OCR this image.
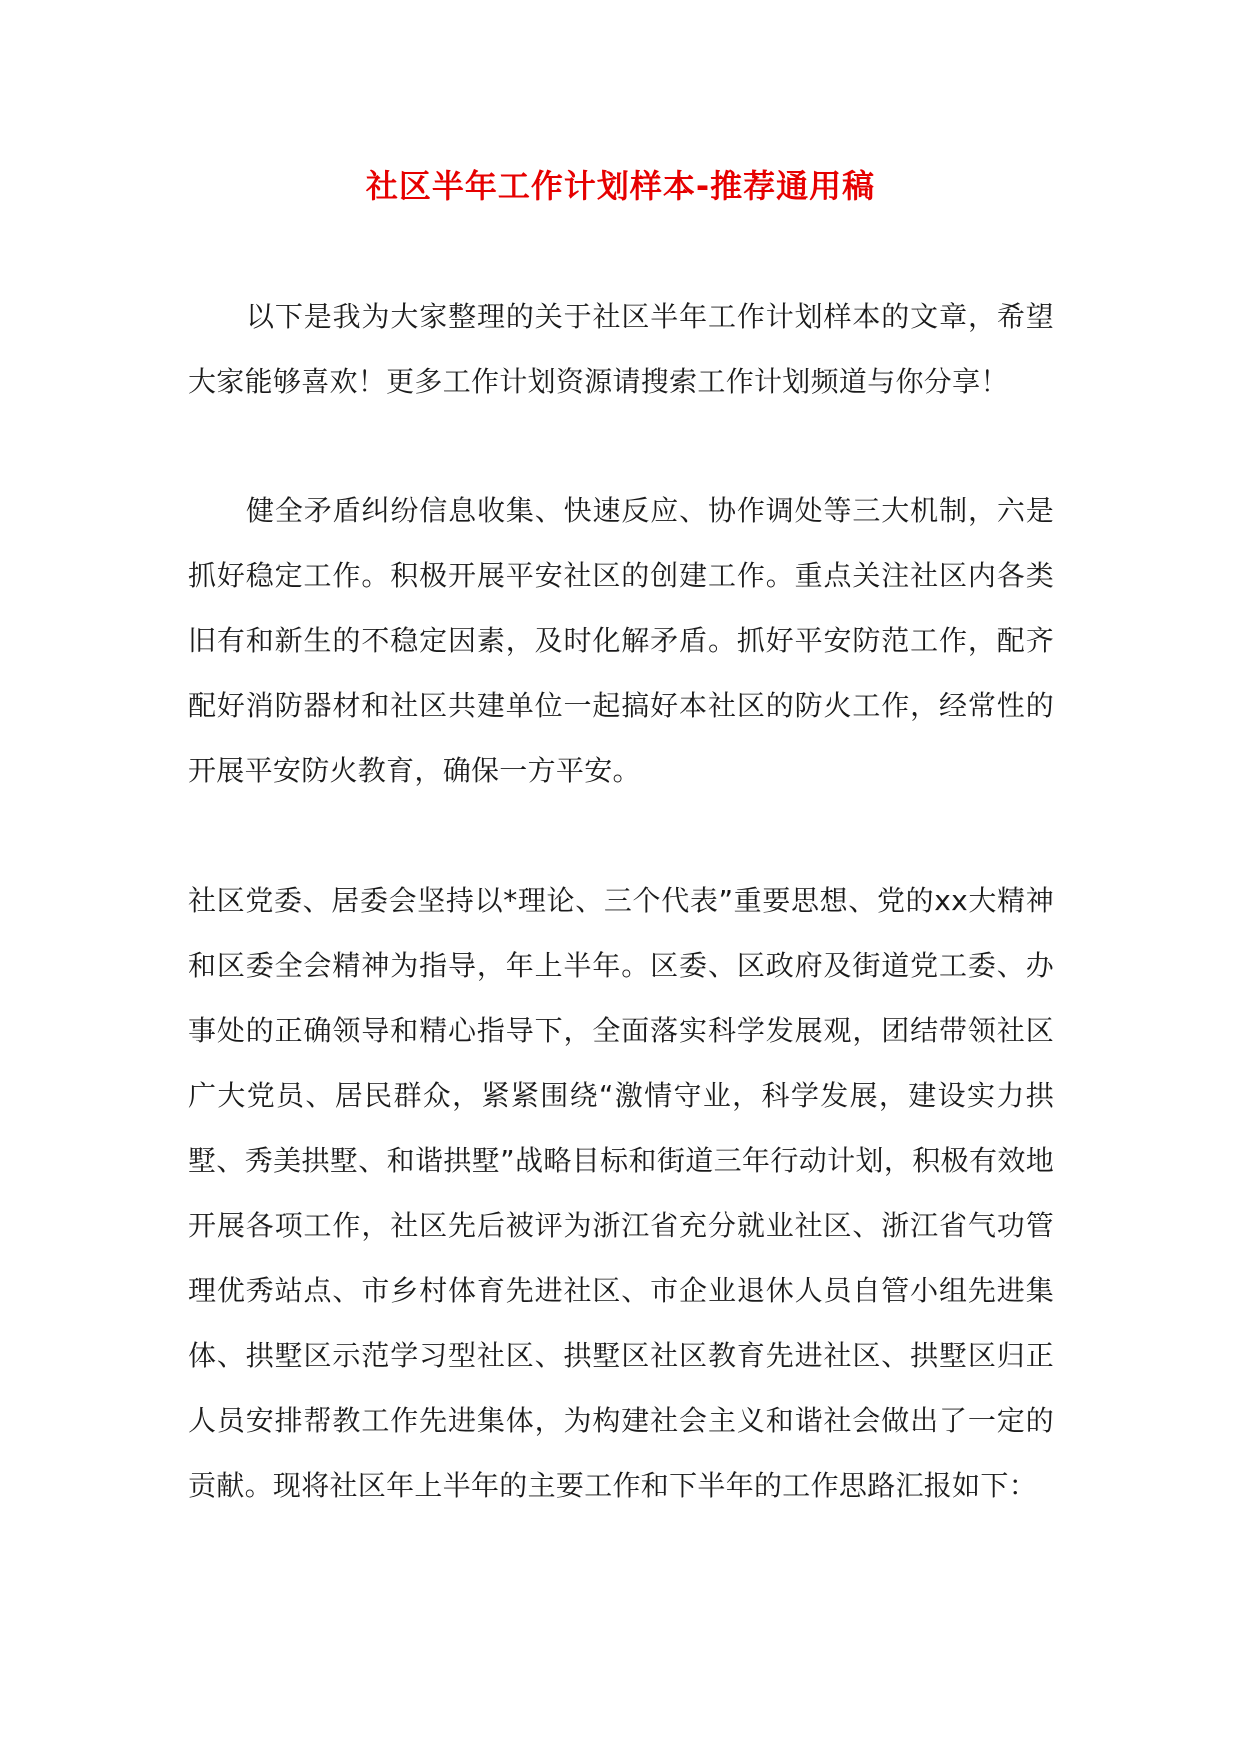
社区半年工作计划样本-推荐通用稿

以下是我为大家整理的关于社区半年工作计划样本的文章，希望大家能够喜欢！更多工作计划资源请搜索工作计划频道与你分享！

健全矛盾纠纷信息收集、快速反应、协作调处等三大机制，六是抓好稳定工作。积极开展平安社区的创建工作。重点关注社区内各类旧有和新生的不稳定因素，及时化解矛盾。抓好平安防范工作，配齐配好消防器材和社区共建单位一起搞好本社区的防火工作，经常性的开展平安防火教育，确保一方平安。

社区党委、居委会坚持以*理论、三个代表”重要思想、党的xx大精神和区委全会精神为指导，年上半年。区委、区政府及街道党工委、办事处的正确领导和精心指导下，全面落实科学发展观，团结带领社区广大党员、居民群众，紧紧围绕“激情守业，科学发展，建设实力拱墅、秀美拱墅、和谐拱墅”战略目标和街道三年行动计划，积极有效地开展各项工作，社区先后被评为浙江省充分就业社区、浙江省气功管理优秀站点、市乡村体育先进社区、市企业退休人员自管小组先进集体、拱墅区示范学习型社区、拱墅区社区教育先进社区、拱墅区归正人员安排帮教工作先进集体，为构建社会主义和谐社会做出了一定的贡献。现将社区年上半年的主要工作和下半年的工作思路汇报如下：
